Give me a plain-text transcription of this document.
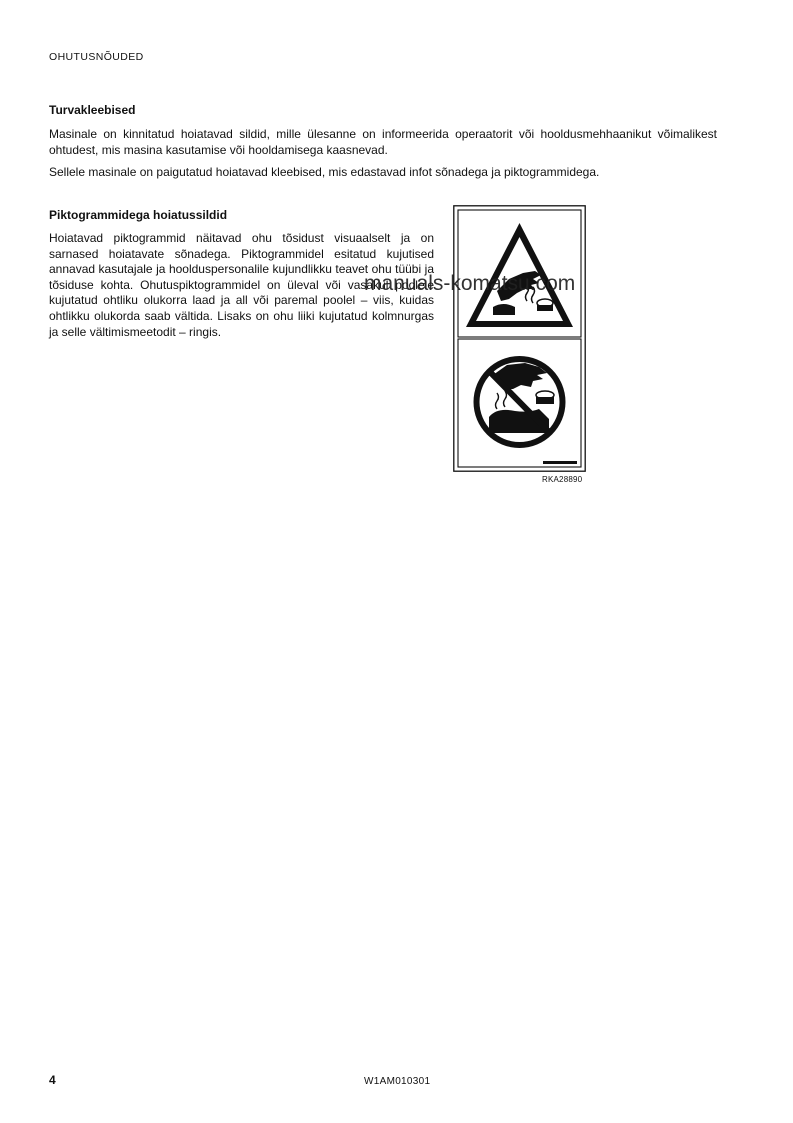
OHUTUSNÕUDED
Turvakleebised

Masinale on kinnitatud hoiatavad sildid, mille ülesanne on informeerida operaatorit või hooldusmehhaanikut võimalikest ohtudest, mis masina kasutamise või hooldamisega kaasnevad.

Sellele masinale on paigutatud hoiatavad kleebised, mis edastavad infot sõnadega ja piktogrammidega.

Piktogrammidega hoiatussildid

Hoiatavad piktogrammid näitavad ohu tõsidust visuaalselt ja on sarnased hoiatavate sõnadega. Piktogrammidel esitatud kujutised annavad kasutajale ja hoolduspersonalile kujundlikku teavet ohu tüübi ja tõsiduse kohta. Ohutuspiktogrammidel on üleval või vasakul poolele kujutatud ohtliku olukorra laad ja all või paremal poolel – viis, kuidas ohtlikku olukorda saab vältida. Lisaks on ohu liiki kujutatud kolmnurgas ja selle vältimismeetodit – ringis.

RKA28890
manuals-komatsu.com
4	W1AM010301
